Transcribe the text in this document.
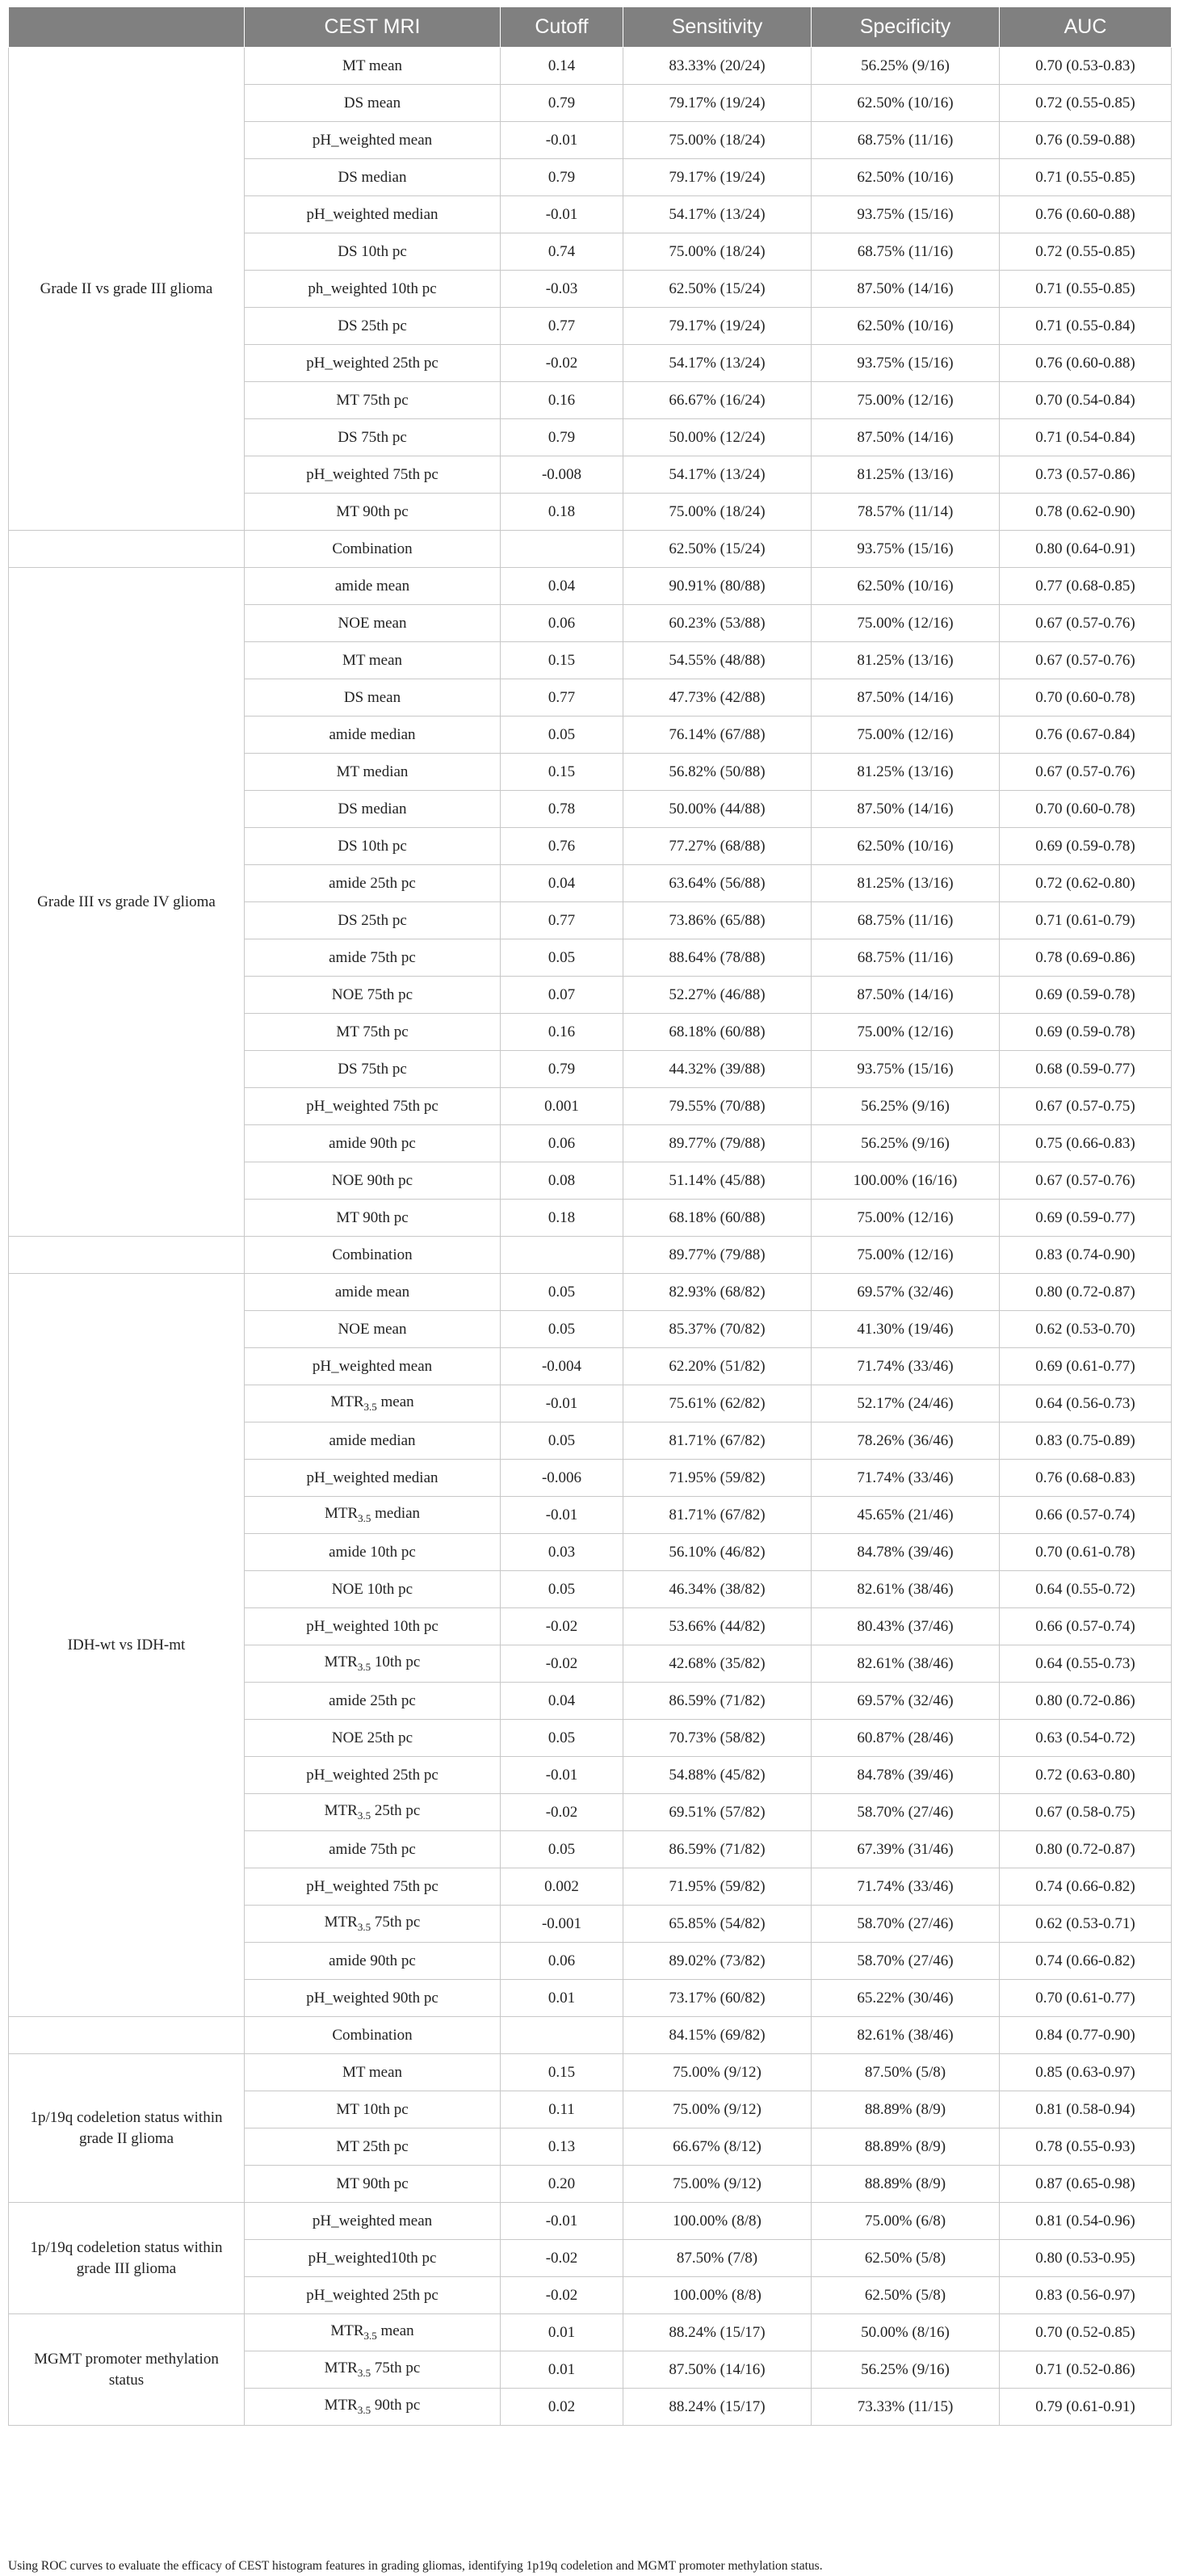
	CEST MRI	Cutoff	Sensitivity	Specificity	AUC
Grade II vs grade III glioma	MT mean	0.14	83.33% (20/24)	56.25% (9/16)	0.70 (0.53-0.83)
	DS mean	0.79	79.17% (19/24)	62.50% (10/16)	0.72 (0.55-0.85)
	pH_weighted mean	-0.01	75.00% (18/24)	68.75% (11/16)	0.76 (0.59-0.88)
	DS median	0.79	79.17% (19/24)	62.50% (10/16)	0.71 (0.55-0.85)
	pH_weighted median	-0.01	54.17% (13/24)	93.75% (15/16)	0.76 (0.60-0.88)
	DS 10th pc	0.74	75.00% (18/24)	68.75% (11/16)	0.72 (0.55-0.85)
	ph_weighted 10th pc	-0.03	62.50% (15/24)	87.50% (14/16)	0.71 (0.55-0.85)
	DS 25th pc	0.77	79.17% (19/24)	62.50% (10/16)	0.71 (0.55-0.84)
	pH_weighted 25th pc	-0.02	54.17% (13/24)	93.75% (15/16)	0.76 (0.60-0.88)
	MT 75th pc	0.16	66.67% (16/24)	75.00% (12/16)	0.70 (0.54-0.84)
	DS 75th pc	0.79	50.00% (12/24)	87.50% (14/16)	0.71 (0.54-0.84)
	pH_weighted 75th pc	-0.008	54.17% (13/24)	81.25% (13/16)	0.73 (0.57-0.86)
	MT 90th pc	0.18	75.00% (18/24)	78.57% (11/14)	0.78 (0.62-0.90)
	Combination		62.50% (15/24)	93.75% (15/16)	0.80 (0.64-0.91)
Grade III vs grade IV glioma	amide mean	0.04	90.91% (80/88)	62.50% (10/16)	0.77 (0.68-0.85)
	NOE mean	0.06	60.23% (53/88)	75.00% (12/16)	0.67 (0.57-0.76)
	MT mean	0.15	54.55% (48/88)	81.25% (13/16)	0.67 (0.57-0.76)
	DS mean	0.77	47.73% (42/88)	87.50% (14/16)	0.70 (0.60-0.78)
	amide median	0.05	76.14% (67/88)	75.00% (12/16)	0.76 (0.67-0.84)
	MT median	0.15	56.82% (50/88)	81.25% (13/16)	0.67 (0.57-0.76)
	DS median	0.78	50.00% (44/88)	87.50% (14/16)	0.70 (0.60-0.78)
	DS 10th pc	0.76	77.27% (68/88)	62.50% (10/16)	0.69 (0.59-0.78)
	amide 25th pc	0.04	63.64% (56/88)	81.25% (13/16)	0.72 (0.62-0.80)
	DS 25th pc	0.77	73.86% (65/88)	68.75% (11/16)	0.71 (0.61-0.79)
	amide 75th pc	0.05	88.64% (78/88)	68.75% (11/16)	0.78 (0.69-0.86)
	NOE 75th pc	0.07	52.27% (46/88)	87.50% (14/16)	0.69 (0.59-0.78)
	MT 75th pc	0.16	68.18% (60/88)	75.00% (12/16)	0.69 (0.59-0.78)
	DS 75th pc	0.79	44.32% (39/88)	93.75% (15/16)	0.68 (0.59-0.77)
	pH_weighted 75th pc	0.001	79.55% (70/88)	56.25% (9/16)	0.67 (0.57-0.75)
	amide 90th pc	0.06	89.77% (79/88)	56.25% (9/16)	0.75 (0.66-0.83)
	NOE 90th pc	0.08	51.14% (45/88)	100.00% (16/16)	0.67 (0.57-0.76)
	MT 90th pc	0.18	68.18% (60/88)	75.00% (12/16)	0.69 (0.59-0.77)
	Combination		89.77% (79/88)	75.00% (12/16)	0.83 (0.74-0.90)
IDH-wt vs IDH-mt	amide mean	0.05	82.93% (68/82)	69.57% (32/46)	0.80 (0.72-0.87)
	NOE mean	0.05	85.37% (70/82)	41.30% (19/46)	0.62 (0.53-0.70)
	pH_weighted mean	-0.004	62.20% (51/82)	71.74% (33/46)	0.69 (0.61-0.77)
	$MTR_{3.5}$ mean	-0.01	75.61% (62/82)	52.17% (24/46)	0.64 (0.56-0.73)
	amide median	0.05	81.71% (67/82)	78.26% (36/46)	0.83 (0.75-0.89)
	pH_weighted median	-0.006	71.95% (59/82)	71.74% (33/46)	0.76 (0.68-0.83)
	$MTR_{3.5}$ median	-0.01	81.71% (67/82)	45.65% (21/46)	0.66 (0.57-0.74)
	amide 10th pc	0.03	56.10% (46/82)	84.78% (39/46)	0.70 (0.61-0.78)
	NOE 10th pc	0.05	46.34% (38/82)	82.61% (38/46)	0.64 (0.55-0.72)
	pH_weighted 10th pc	-0.02	53.66% (44/82)	80.43% (37/46)	0.66 (0.57-0.74)
	$MTR_{3.5}$ 10th pc	-0.02	42.68% (35/82)	82.61% (38/46)	0.64 (0.55-0.73)
	amide 25th pc	0.04	86.59% (71/82)	69.57% (32/46)	0.80 (0.72-0.86)
	NOE 25th pc	0.05	70.73% (58/82)	60.87% (28/46)	0.63 (0.54-0.72)
	pH_weighted 25th pc	-0.01	54.88% (45/82)	84.78% (39/46)	0.72 (0.63-0.80)
	$MTR_{3.5}$ 25th pc	-0.02	69.51% (57/82)	58.70% (27/46)	0.67 (0.58-0.75)
	amide 75th pc	0.05	86.59% (71/82)	67.39% (31/46)	0.80 (0.72-0.87)
	pH_weighted 75th pc	0.002	71.95% (59/82)	71.74% (33/46)	0.74 (0.66-0.82)
	$MTR_{3.5}$ 75th pc	-0.001	65.85% (54/82)	58.70% (27/46)	0.62 (0.53-0.71)
	amide 90th pc	0.06	89.02% (73/82)	58.70% (27/46)	0.74 (0.66-0.82)
	pH_weighted 90th pc	0.01	73.17% (60/82)	65.22% (30/46)	0.70 (0.61-0.77)
	Combination		84.15% (69/82)	82.61% (38/46)	0.84 (0.77-0.90)
1p/19q codeletion status within grade II glioma	MT mean	0.15	75.00% (9/12)	87.50% (5/8)	0.85 (0.63-0.97)
	MT 10th pc	0.11	75.00% (9/12)	88.89% (8/9)	0.81 (0.58-0.94)
	MT 25th pc	0.13	66.67% (8/12)	88.89% (8/9)	0.78 (0.55-0.93)
	MT 90th pc	0.20	75.00% (9/12)	88.89% (8/9)	0.87 (0.65-0.98)
1p/19q codeletion status within grade III glioma	pH_weighted mean	-0.01	100.00% (8/8)	75.00% (6/8)	0.81 (0.54-0.96)
	pH_weighted10th pc	-0.02	87.50% (7/8)	62.50% (5/8)	0.80 (0.53-0.95)
	pH_weighted 25th pc	-0.02	100.00% (8/8)	62.50% (5/8)	0.83 (0.56-0.97)
MGMT promoter methylation status	$MTR_{3.5}$ mean	0.01	88.24% (15/17)	50.00% (8/16)	0.70 (0.52-0.85)
	$MTR_{3.5}$ 75th pc	0.01	87.50% (14/16)	56.25% (9/16)	0.71 (0.52-0.86)
	$MTR_{3.5}$ 90th pc	0.02	88.24% (15/17)	73.33% (11/15)	0.79 (0.61-0.91)
Using ROC curves to evaluate the efficacy of CEST histogram features in grading gliomas, identifying 1p19q codeletion and MGMT promoter methylation status.
